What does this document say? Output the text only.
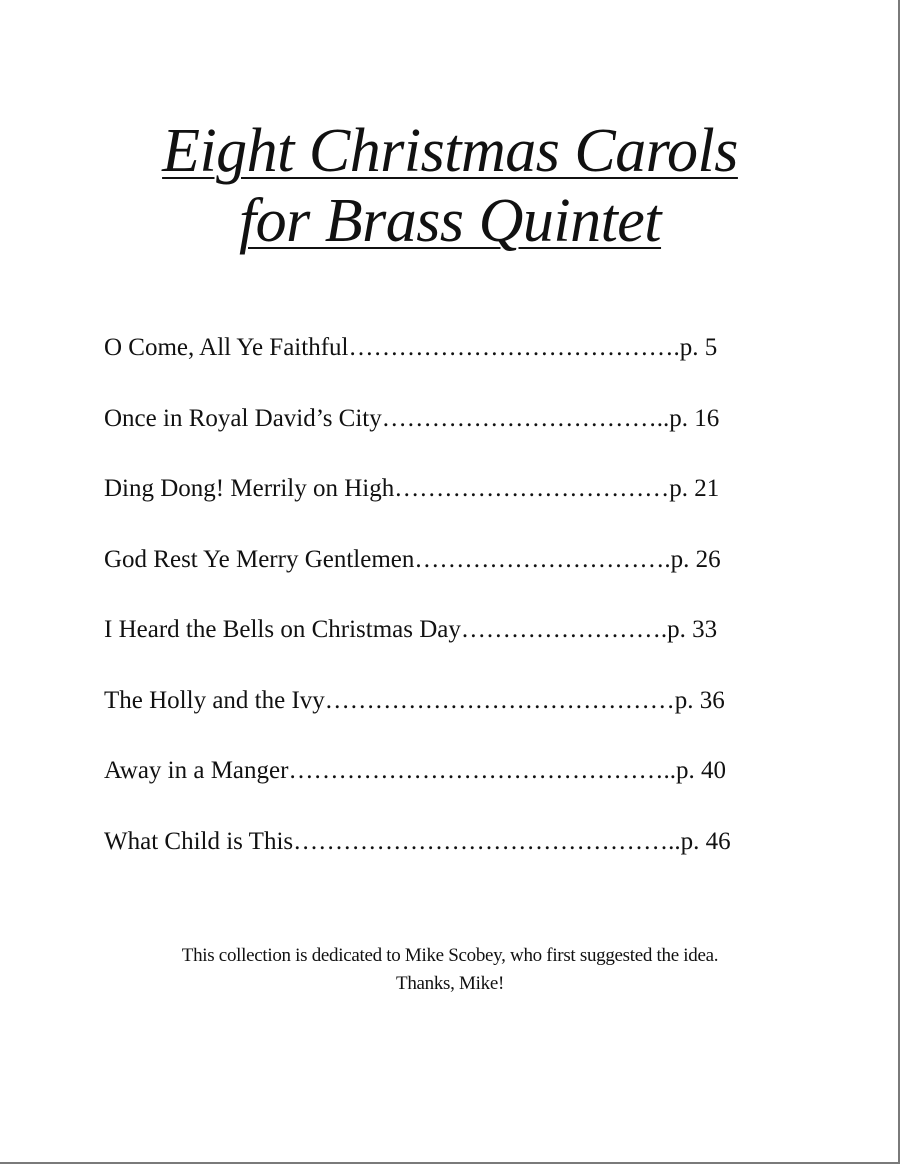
Eight Christmas Carols
for Brass Quintet
O Come, All Ye Faithful………………………………….p. 5
Once in Royal David’s City……………………………..p. 16
Ding Dong! Merrily on High……………………………p. 21
God Rest Ye Merry Gentlemen………………………….p. 26
I Heard the Bells on Christmas Day…………………….p. 33
The Holly and the Ivy……………………………………p. 36
Away in a Manger………………………………………..p. 40
What Child is This………………………………………..p. 46
This collection is dedicated to Mike Scobey, who first suggested the idea.
Thanks, Mike!
